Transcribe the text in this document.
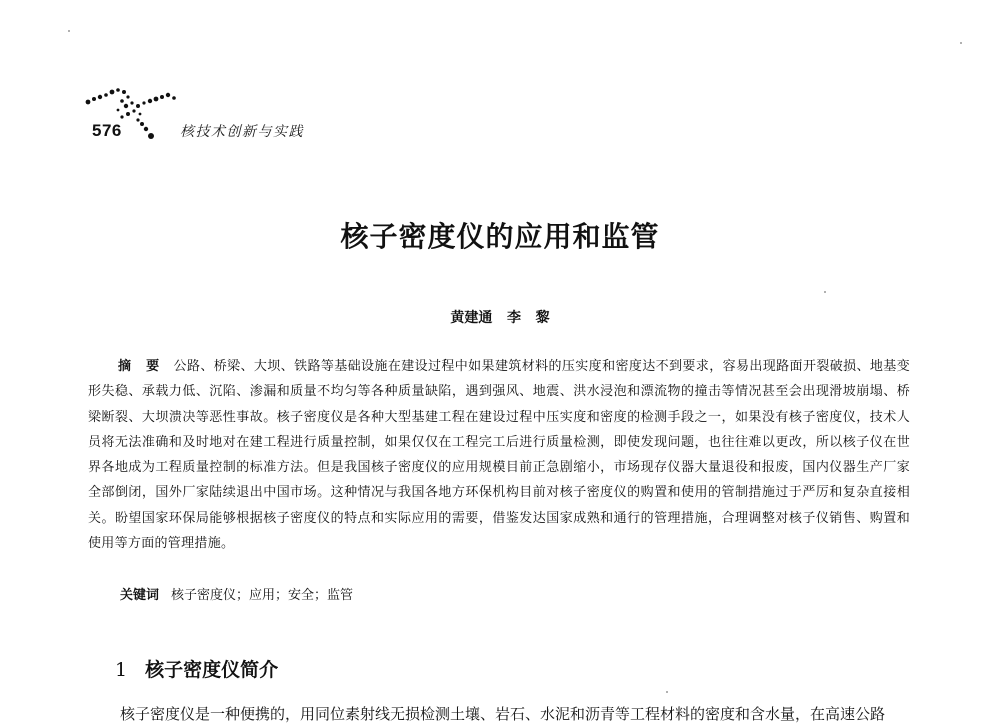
576	核技术创新与实践
核子密度仪的应用和监管
黄建通   李   黎
摘   要 公路、桥梁、大坝、铁路等基础设施在建设过程中如果建筑材料的压实度和密度达不到要求，容易出现路面开裂破损、地基变形失稳、承载力低、沉陷、渗漏和质量不均匀等各种质量缺陷，遇到强风、地震、洪水浸泡和漂流物的撞击等情况甚至会出现滑坡崩塌、桥梁断裂、大坝溃决等恶性事故。核子密度仪是各种大型基建工程在建设过程中压实度和密度的检测手段之一，如果没有核子密度仪，技术人员将无法准确和及时地对在建工程进行质量控制，如果仅仅在工程完工后进行质量检测，即使发现问题，也往往难以更改，所以核子仪在世界各地成为工程质量控制的标准方法。但是我国核子密度仪的应用规模目前正急剧缩小，市场现存仪器大量退役和报废，国内仪器生产厂家全部倒闭，国外厂家陆续退出中国市场。这种情况与我国各地方环保机构目前对核子密度仪的购置和使用的管制措施过于严厉和复杂直接相关。盼望国家环保局能够根据核子密度仪的特点和实际应用的需要，借鉴发达国家成熟和通行的管理措施，合理调整对核子仪销售、购置和使用等方面的管理措施。
关键词 核子密度仪；应用；安全；监管
1 核子密度仪简介
核子密度仪是一种便携的，用同位素射线无损检测土壤、岩石、水泥和沥青等工程材料的密度和含水量，在高速公路
